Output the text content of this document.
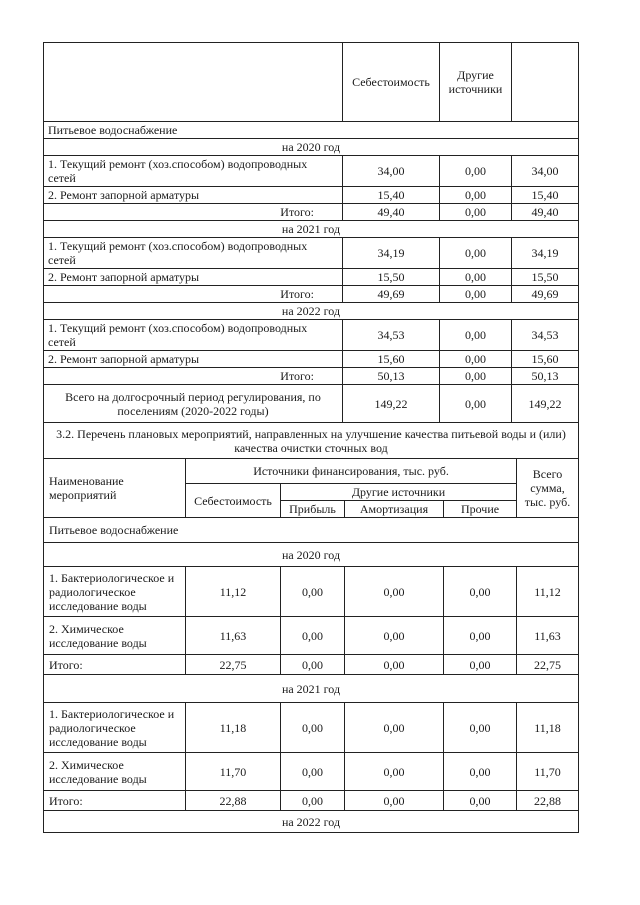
	Себестоимость	Другие источники	
Питьевое водоснабжение			
на 2020 год			
1. Текущий ремонт (хоз.способом) водопроводных сетей	34,00	0,00	34,00
2. Ремонт запорной арматуры	15,40	0,00	15,40
Итого:	49,40	0,00	49,40
на 2021 год			
1. Текущий ремонт (хоз.способом) водопроводных сетей	34,19	0,00	34,19
2. Ремонт запорной арматуры	15,50	0,00	15,50
Итого:	49,69	0,00	49,69
на 2022 год			
1. Текущий ремонт (хоз.способом) водопроводных сетей	34,53	0,00	34,53
2. Ремонт запорной арматуры	15,60	0,00	15,60
Итого:	50,13	0,00	50,13
Всего на долгосрочный период регулирования, по поселениям (2020-2022 годы)	149,22	0,00	149,22
3.2. Перечень плановых мероприятий, направленных на улучшение качества питьевой воды и (или) качества очистки сточных вод			
Наименование мероприятий	Источники финансирования, тыс. руб.				Всего сумма, тыс. руб.
	Себестоимость	Другие источники			
		Прибыль	Амортизация	Прочие	
Питьевое водоснабжение					
на 2020 год					
1. Бактериологическое и радиологическое исследование воды	11,12	0,00	0,00	0,00	11,12
2. Химическое исследование воды	11,63	0,00	0,00	0,00	11,63
Итого:	22,75	0,00	0,00	0,00	22,75
на 2021 год					
1. Бактериологическое и радиологическое исследование воды	11,18	0,00	0,00	0,00	11,18
2. Химическое исследование воды	11,70	0,00	0,00	0,00	11,70
Итого:	22,88	0,00	0,00	0,00	22,88
на 2022 год					
